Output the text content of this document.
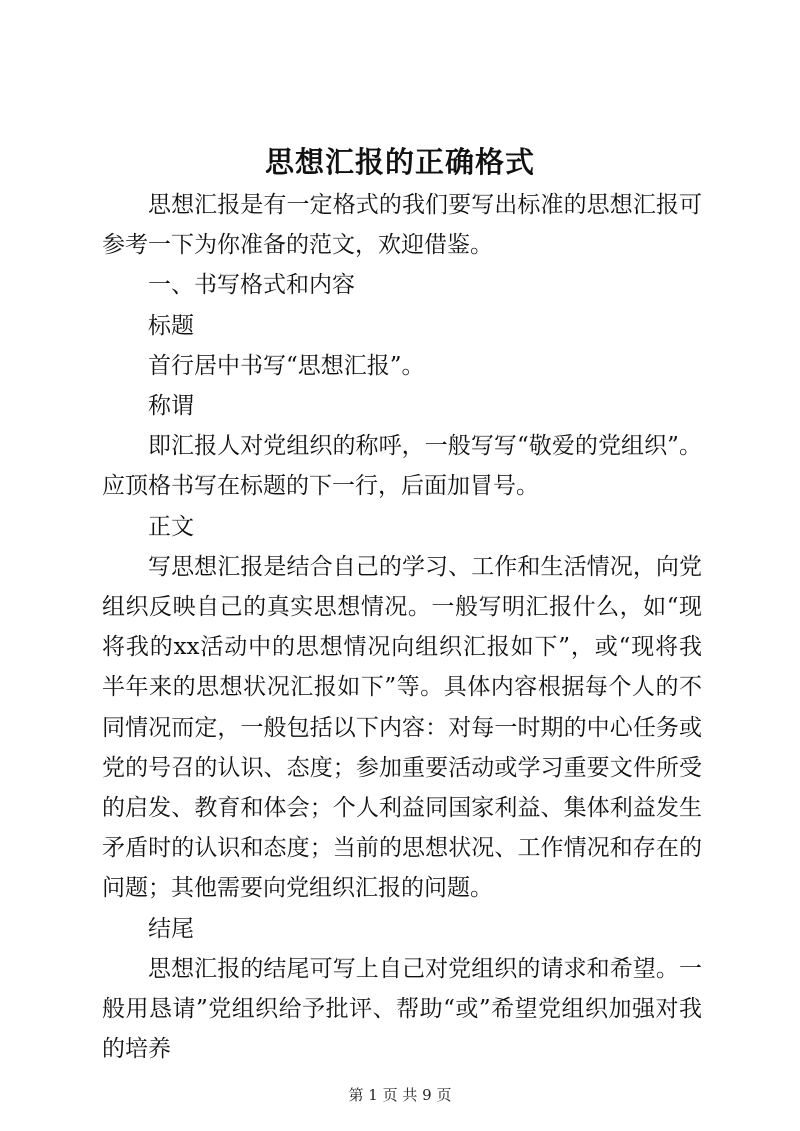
思想汇报的正确格式

思想汇报是有一定格式的我们要写出标准的思想汇报可参考一下为你准备的范文，欢迎借鉴。

一、书写格式和内容

标题

首行居中书写“思想汇报”。

称谓

即汇报人对党组织的称呼，一般写写“敬爱的党组织”。应顶格书写在标题的下一行，后面加冒号。

正文

写思想汇报是结合自己的学习、工作和生活情况，向党组织反映自己的真实思想情况。一般写明汇报什么，如“现将我的xx活动中的思想情况向组织汇报如下”，或“现将我半年来的思想状况汇报如下”等。具体内容根据每个人的不同情况而定，一般包括以下内容：对每一时期的中心任务或党的号召的认识、态度；参加重要活动或学习重要文件所受的启发、教育和体会；个人利益同国家利益、集体利益发生矛盾时的认识和态度；当前的思想状况、工作情况和存在的问题；其他需要向党组织汇报的问题。

结尾

思想汇报的结尾可写上自己对党组织的请求和希望。一般用恳请”党组织给予批评、帮助“或”希望党组织加强对我的培养

第 1 页 共 9 页
